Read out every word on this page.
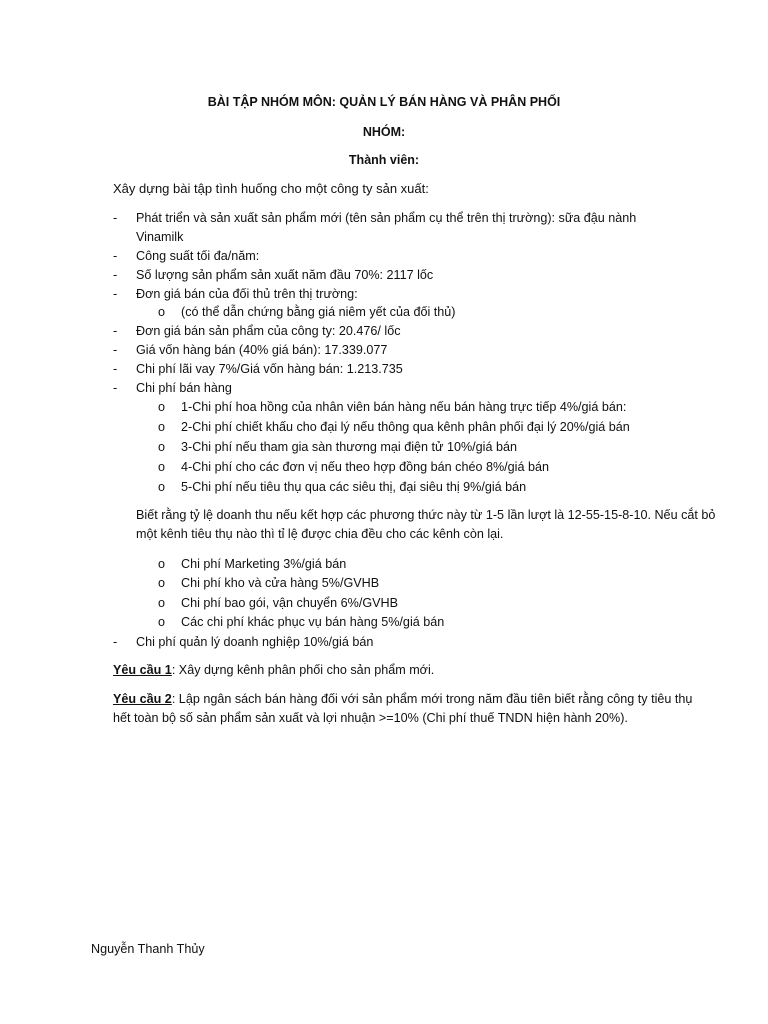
BÀI TẬP NHÓM MÔN: QUẢN LÝ BÁN HÀNG VÀ PHÂN PHỐI
NHÓM:
Thành viên:
Xây dựng bài tập tình huống cho một công ty sản xuất:
-	Phát triển và sản xuất sản phẩm mới (tên sản phẩm cụ thể trên thị trường): sữa đậu nành
Vinamilk
-	Công suất tối đa/năm:
-	Số lượng sản phẩm sản xuất năm đầu 70%: 2117 lốc
-	Đơn giá bán của đối thủ trên thị trường:
o (có thể dẫn chứng bằng giá niêm yết của đối thủ)
-	Đơn giá bán sản phẩm của công ty: 20.476/ lốc
-	Giá vốn hàng bán (40% giá bán): 17.339.077
-	Chi phí lãi vay 7%/Giá vốn hàng bán: 1.213.735
-	Chi phí bán hàng
o 1-Chi phí hoa hồng của nhân viên bán hàng nếu bán hàng trực tiếp 4%/giá bán:
o 2-Chi phí chiết khấu cho đại lý nếu thông qua kênh phân phối đại lý 20%/giá bán
o 3-Chi phí nếu tham gia sàn thương mại điện tử 10%/giá bán
o 4-Chi phí cho các đơn vị nếu theo hợp đồng bán chéo 8%/giá bán
o 5-Chi phí nếu tiêu thụ qua các siêu thị, đại siêu thị 9%/giá bán
Biết rằng tỷ lệ doanh thu nếu kết hợp các phương thức này từ 1-5 lần lượt là 12-55-15-8-10. Nếu cắt bỏ một kênh tiêu thụ nào thì tỉ lệ được chia đều cho các kênh còn lại.
o Chi phí Marketing 3%/giá bán
o Chi phí kho và cửa hàng 5%/GVHB
o Chi phí bao gói, vận chuyển 6%/GVHB
o Các chi phí khác phục vụ bán hàng 5%/giá bán
-	Chi phí quản lý doanh nghiệp 10%/giá bán
Yêu cầu 1: Xây dựng kênh phân phối cho sản phẩm mới.
Yêu cầu 2: Lập ngân sách bán hàng đối với sản phẩm mới trong năm đầu tiên biết rằng công ty tiêu thụ hết toàn bộ số sản phẩm sản xuất và lợi nhuận >=10% (Chi phí thuế TNDN hiện hành 20%).
Nguyễn Thanh Thủy
